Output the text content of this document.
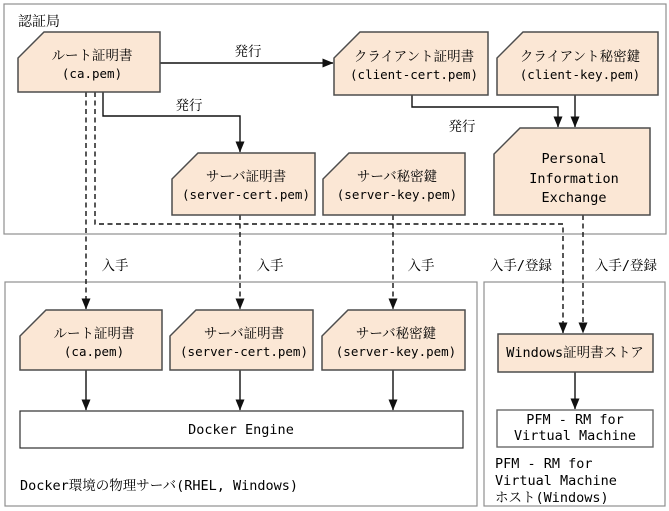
ルート証明書
(ca.pem)
クライアント証明書
(client-cert.pem)
クライアント秘密鍵
(client-key.pem)
サーバ証明書
(server-cert.pem)
サーバ秘密鍵
(server-key.pem)
Personal
Information
Exchange
ルート証明書
(ca.pem)
サーバ証明書
(server-cert.pem)
サーバ秘密鍵
(server-key.pem)
Docker Engine
Windows証明書ストア
PFM - RM for
Virtual Machine
認証局
発行
発行
発行
入手	入手	入手	入手/登録	入手/登録
Docker環境の物理サーバ(RHEL, Windows)
PFM - RM for
Virtual Machine
ホスト(Windows)
